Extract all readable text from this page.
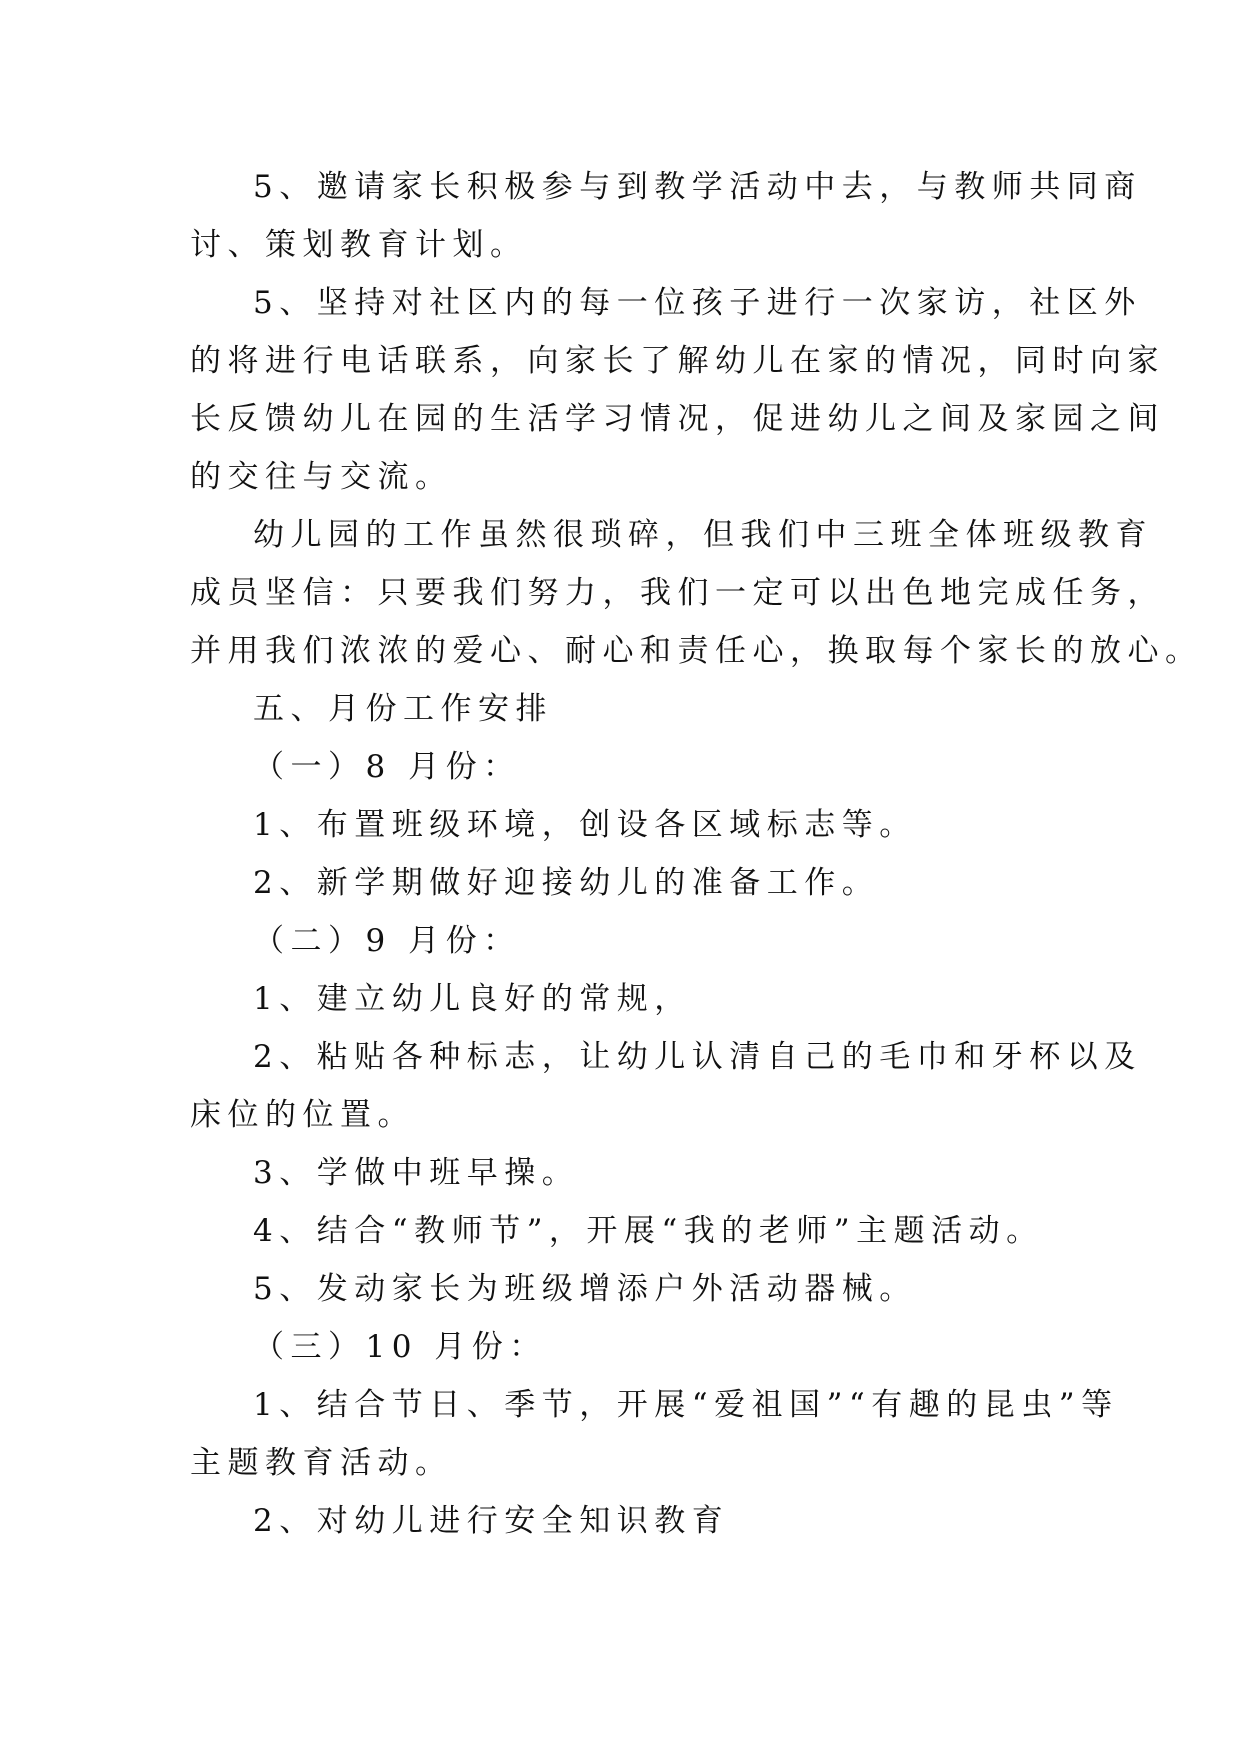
5、邀请家长积极参与到教学活动中去，与教师共同商
讨、策划教育计划。
5、坚持对社区内的每一位孩子进行一次家访，社区外
的将进行电话联系，向家长了解幼儿在家的情况，同时向家
长反馈幼儿在园的生活学习情况，促进幼儿之间及家园之间
的交往与交流。
幼儿园的工作虽然很琐碎，但我们中三班全体班级教育
成员坚信：只要我们努力，我们一定可以出色地完成任务，
并用我们浓浓的爱心、耐心和责任心，换取每个家长的放心。
五、月份工作安排
（一）8 月份：
1、布置班级环境，创设各区域标志等。
2、新学期做好迎接幼儿的准备工作。
（二）9 月份：
1、建立幼儿良好的常规，
2、粘贴各种标志，让幼儿认清自己的毛巾和牙杯以及
床位的位置。
3、学做中班早操。
4、结合“教师节”，开展“我的老师”主题活动。
5、发动家长为班级增添户外活动器械。
（三）10 月份：
1、结合节日、季节，开展“爱祖国”“有趣的昆虫”等
主题教育活动。
2、对幼儿进行安全知识教育
